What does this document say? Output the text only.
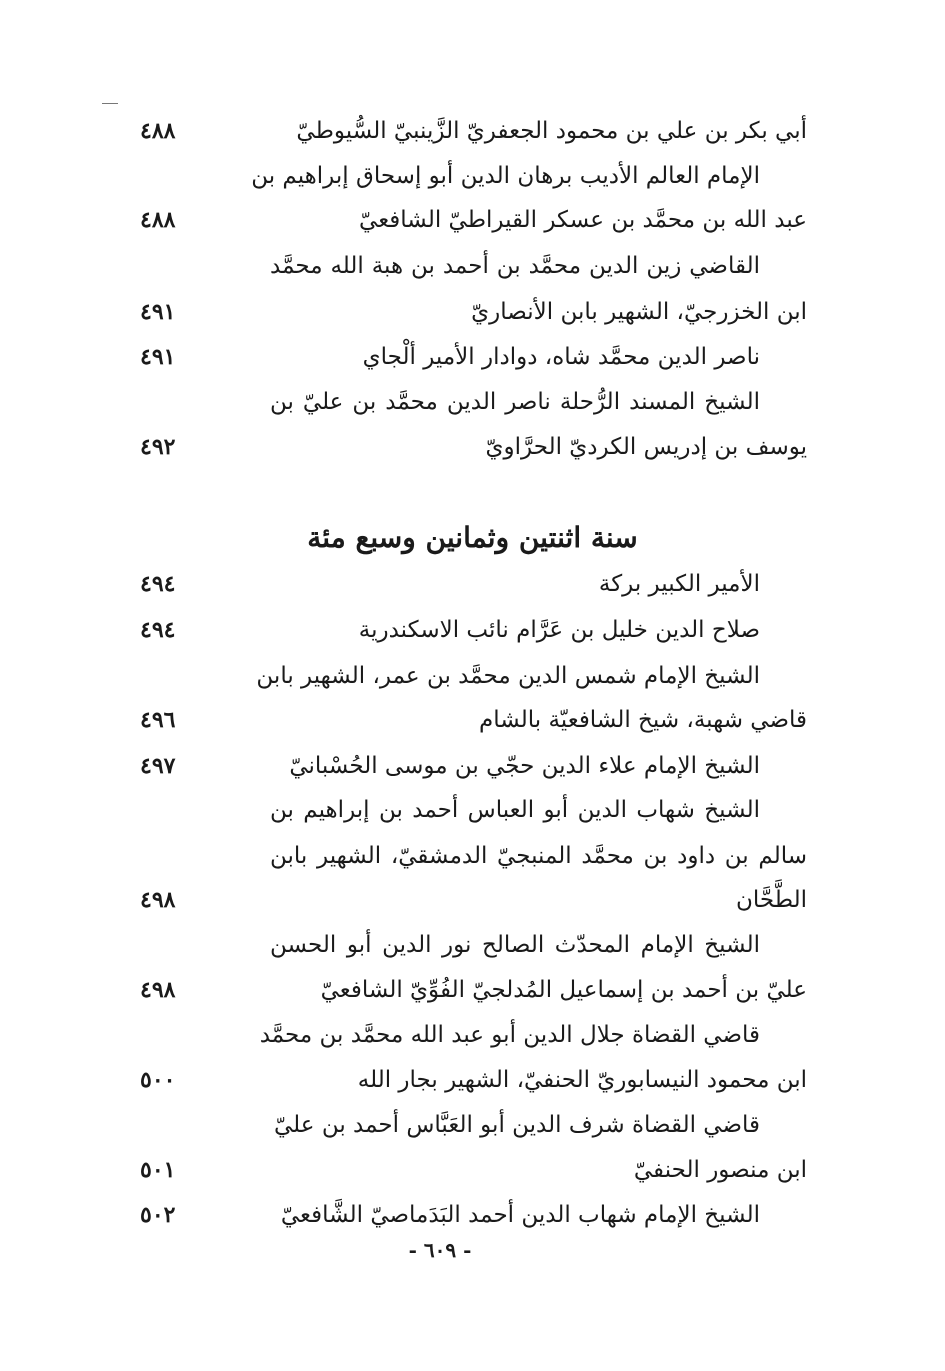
أبي بكر بن علي بن محمود الجعفريّ الزَّينبيّ السُّيوطيّ
٤٨٨
الإمام العالم الأديب برهان الدين أبو إسحاق إبراهيم بن
عبد الله بن محمَّد بن عسكر القيراطيّ الشافعيّ
٤٨٨
القاضي زين الدين محمَّد بن أحمد بن هبة الله محمَّد
ابن الخزرجيّ، الشهير بابن الأنصاريّ
٤٩١
ناصر الدين محمَّد شاه، دوادار الأمير ألْجاي
٤٩١
الشيخ المسند الرُّحلة ناصر الدين محمَّد بن عليّ بن
يوسف بن إدريس الكرديّ الحرَّاويّ
٤٩٢
سنة اثنتين وثمانين وسبع مئة
الأمير الكبير بركة
٤٩٤
صلاح الدين خليل بن عَرَّام نائب الاسكندرية
٤٩٤
الشيخ الإمام شمس الدين محمَّد بن عمر، الشهير بابن
قاضي شهبة، شيخ الشافعيّة بالشام
٤٩٦
الشيخ الإمام علاء الدين حجّي بن موسى الحُسْبانيّ
٤٩٧
الشيخ شهاب الدين أبو العباس أحمد بن إبراهيم بن
سالم بن داود بن محمَّد المنبجيّ الدمشقيّ، الشهير بابن
الطَّحَّان
٤٩٨
الشيخ الإمام المحدّث الصالح نور الدين أبو الحسن
عليّ بن أحمد بن إسماعيل المُدلجيّ الفُوِّيّ الشافعيّ
٤٩٨
قاضي القضاة جلال الدين أبو عبد الله محمَّد بن محمَّد
ابن محمود النيسابوريّ الحنفيّ، الشهير بجار الله
٥٠٠
قاضي القضاة شرف الدين أبو العَبَّاس أحمد بن عليّ
ابن منصور الحنفيّ
٥٠١
الشيخ الإمام شهاب الدين أحمد البَدَماصيّ الشَّافعيّ
٥٠٢
- ٦٠٩ -
